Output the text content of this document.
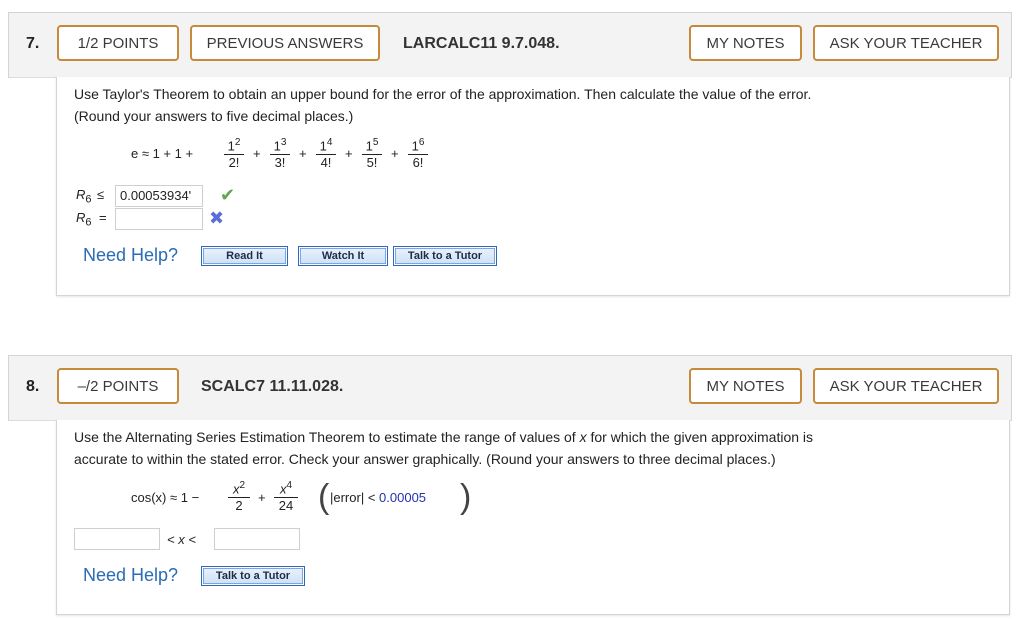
7.	1/2 POINTS	PREVIOUS ANSWERS	LARCALC11 9.7.048.	MY NOTES	ASK YOUR TEACHER
Use Taylor's Theorem to obtain an upper bound for the error of the approximation. Then calculate the value of the error.
(Round your answers to five decimal places.)
$e \approx 1 + 1 + \frac{1^2}{2!} + \frac{1^3}{3!} + \frac{1^4}{4!} + \frac{1^5}{5!} + \frac{1^6}{6!}$
$R_6$ ≤	0.00053934'	✔
$R_6$ =	✖
Need Help?	Read It	Watch It	Talk to a Tutor
8.	–/2 POINTS	SCALC7 11.11.028.	MY NOTES	ASK YOUR TEACHER
Use the Alternating Series Estimation Theorem to estimate the range of values of x for which the given approximation is
accurate to within the stated error. Check your answer graphically. (Round your answers to three decimal places.)
$\cos(x) \approx 1 - \frac{x^2}{2} + \frac{x^4}{24}$ ( |error| < 0.00005 )
< x <
Need Help?	Talk to a Tutor
